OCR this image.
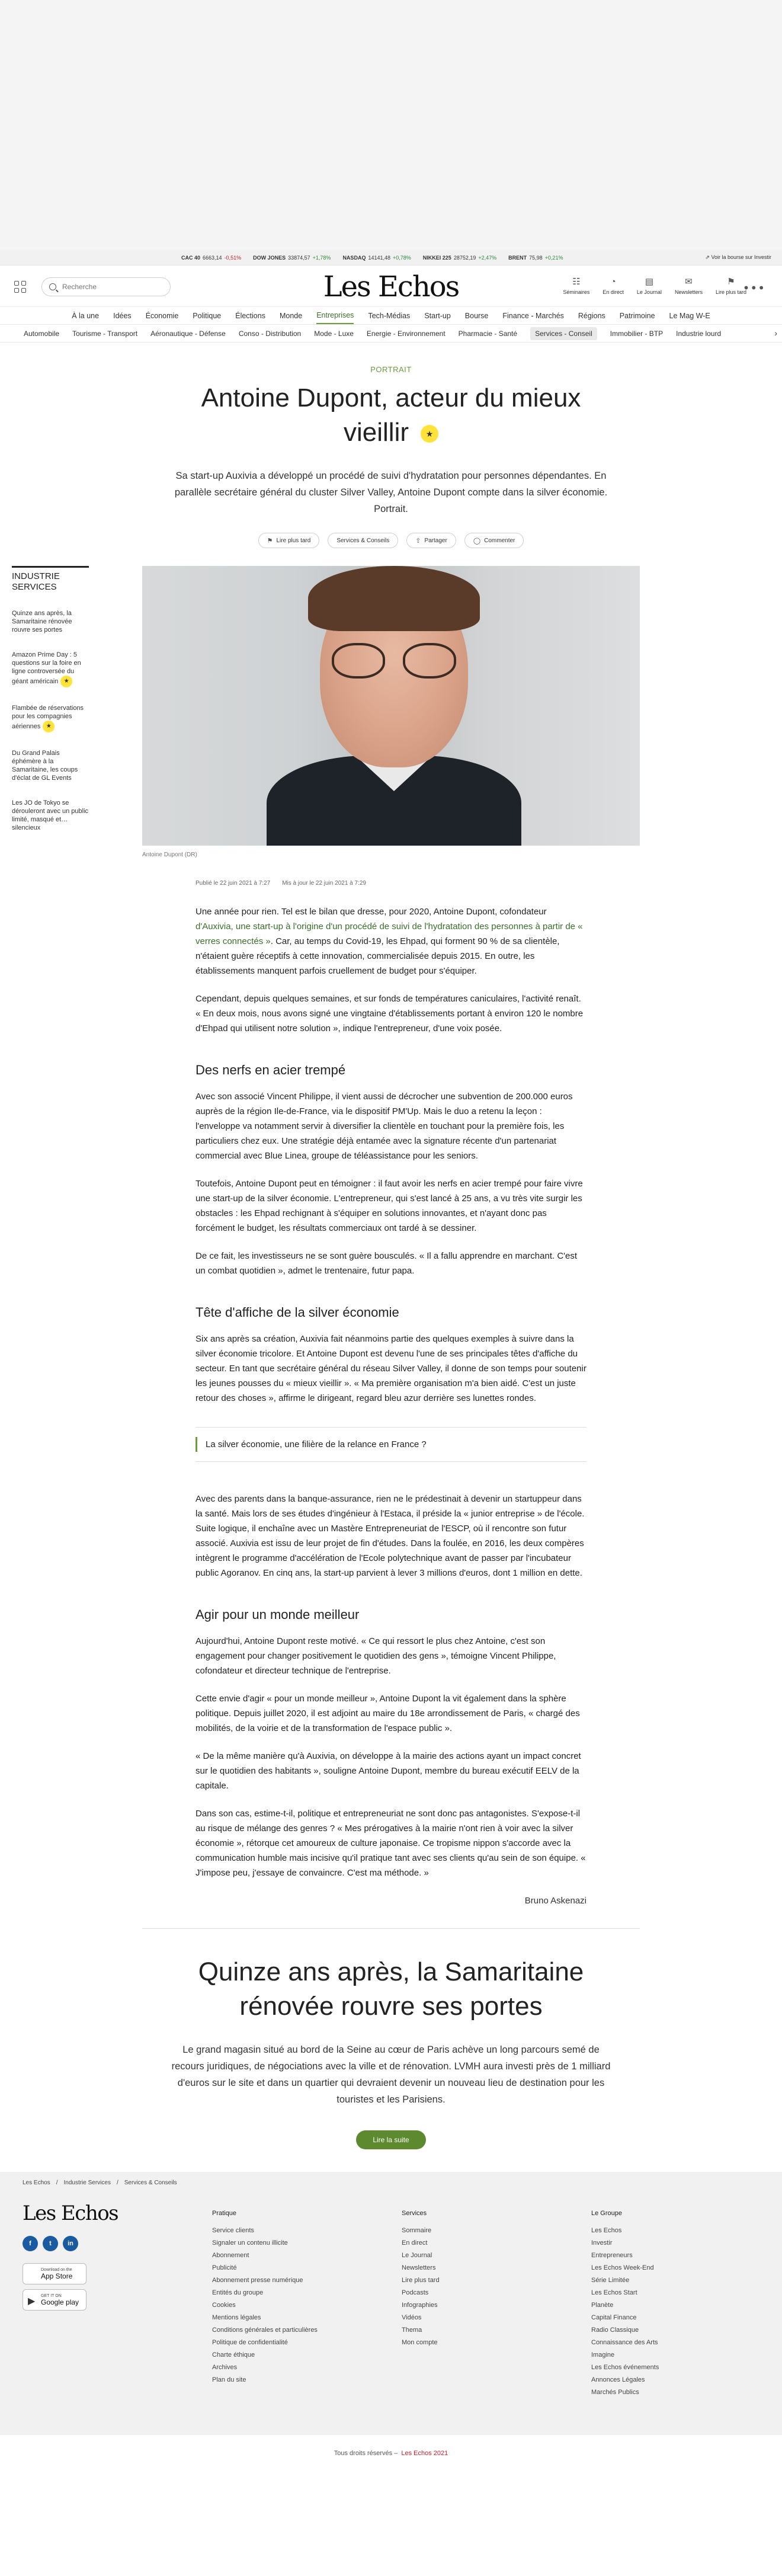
CAC 40 6663,14 -0,51% DOW JONES 33874,57 +1,78% NASDAQ 14141,48 +0,78% NIKKEI 225 28752,19 +2,47% BRENT 75,98 +0,21%	⇗ Voir la bourse sur Investir
Recherche
Les Echos	☷
Séminaires
◔
En direct
▤
Le Journal
✉
Newsletters
⚑
Lire plus tard
•••
À la une Idées Économie Politique Élections Monde Entreprises Tech-Médias Start-up Bourse Finance - Marchés Régions Patrimoine Le Mag W-E
Automobile Tourisme - Transport Aéronautique - Défense Conso - Distribution Mode - Luxe Energie - Environnement Pharmacie - Santé	Services - Conseil	Immobilier - BTP Industrie lourd	›
PORTRAIT
Antoine Dupont, acteur du mieux vieillir ★
Sa start-up Auxivia a développé un procédé de suivi d'hydratation pour personnes dépendantes. En parallèle secrétaire général du cluster Silver Valley, Antoine Dupont compte dans la silver économie. Portrait.
⚑ Lire plus tard	Services & Conseils	⇧ Partager	◯ Commenter
INDUSTRIE SERVICES
Quinze ans après, la Samaritaine rénovée rouvre ses portes
Amazon Prime Day : 5 questions sur la foire en ligne controversée du géant américain ★
Flambée de réservations pour les compagnies aériennes ★
Du Grand Palais éphémère à la Samaritaine, les coups d'éclat de GL Events
Les JO de Tokyo se dérouleront avec un public limité, masqué et… silencieux
Antoine Dupont (DR)
Publié le 22 juin 2021 à 7:27 Mis à jour le 22 juin 2021 à 7:29

Une année pour rien. Tel est le bilan que dresse, pour 2020, Antoine Dupont, cofondateur d'Auxivia, une start-up à l'origine d'un procédé de suivi de l'hydratation des personnes à partir de « verres connectés ». Car, au temps du Covid-19, les Ehpad, qui forment 90 % de sa clientèle, n'étaient guère réceptifs à cette innovation, commercialisée depuis 2015. En outre, les établissements manquent parfois cruellement de budget pour s'équiper.

Cependant, depuis quelques semaines, et sur fonds de températures caniculaires, l'activité renaît. « En deux mois, nous avons signé une vingtaine d'établissements portant à environ 120 le nombre d'Ehpad qui utilisent notre solution », indique l'entrepreneur, d'une voix posée.

Des nerfs en acier trempé

Avec son associé Vincent Philippe, il vient aussi de décrocher une subvention de 200.000 euros auprès de la région Ile-de-France, via le dispositif PM'Up. Mais le duo a retenu la leçon : l'enveloppe va notamment servir à diversifier la clientèle en touchant pour la première fois, les particuliers chez eux. Une stratégie déjà entamée avec la signature récente d'un partenariat commercial avec Blue Linea, groupe de téléassistance pour les seniors.

Toutefois, Antoine Dupont peut en témoigner : il faut avoir les nerfs en acier trempé pour faire vivre une start-up de la silver économie. L'entrepreneur, qui s'est lancé à 25 ans, a vu très vite surgir les obstacles : les Ehpad rechignant à s'équiper en solutions innovantes, et n'ayant donc pas forcément le budget, les résultats commerciaux ont tardé à se dessiner.

De ce fait, les investisseurs ne se sont guère bousculés. « Il a fallu apprendre en marchant. C'est un combat quotidien », admet le trentenaire, futur papa.

Tête d'affiche de la silver économie

Six ans après sa création, Auxivia fait néanmoins partie des quelques exemples à suivre dans la silver économie tricolore. Et Antoine Dupont est devenu l'une de ses principales têtes d'affiche du secteur. En tant que secrétaire général du réseau Silver Valley, il donne de son temps pour soutenir les jeunes pousses du « mieux vieillir ». « Ma première organisation m'a bien aidé. C'est un juste retour des choses », affirme le dirigeant, regard bleu azur derrière ses lunettes rondes.

La silver économie, une filière de la relance en France ?

Avec des parents dans la banque-assurance, rien ne le prédestinait à devenir un startuppeur dans la santé. Mais lors de ses études d'ingénieur à l'Estaca, il préside la « junior entreprise » de l'école. Suite logique, il enchaîne avec un Mastère Entrepreneuriat de l'ESCP, où il rencontre son futur associé. Auxivia est issu de leur projet de fin d'études. Dans la foulée, en 2016, les deux compères intègrent le programme d'accélération de l'Ecole polytechnique avant de passer par l'incubateur public Agoranov. En cinq ans, la start-up parvient à lever 3 millions d'euros, dont 1 million en dette.

Agir pour un monde meilleur

Aujourd'hui, Antoine Dupont reste motivé. « Ce qui ressort le plus chez Antoine, c'est son engagement pour changer positivement le quotidien des gens », témoigne Vincent Philippe, cofondateur et directeur technique de l'entreprise.

Cette envie d'agir « pour un monde meilleur », Antoine Dupont la vit également dans la sphère politique. Depuis juillet 2020, il est adjoint au maire du 18e arrondissement de Paris, « chargé des mobilités, de la voirie et de la transformation de l'espace public ».

« De la même manière qu'à Auxivia, on développe à la mairie des actions ayant un impact concret sur le quotidien des habitants », souligne Antoine Dupont, membre du bureau exécutif EELV de la capitale.

Dans son cas, estime-t-il, politique et entrepreneuriat ne sont donc pas antagonistes. S'expose-t-il au risque de mélange des genres ? « Mes prérogatives à la mairie n'ont rien à voir avec la silver économie », rétorque cet amoureux de culture japonaise. Ce tropisme nippon s'accorde avec la communication humble mais incisive qu'il pratique tant avec ses clients qu'au sein de son équipe. « J'impose peu, j'essaye de convaincre. C'est ma méthode. »

Bruno Askenazi
Quinze ans après, la Samaritaine rénovée rouvre ses portes
Le grand magasin situé au bord de la Seine au cœur de Paris achève un long parcours semé de recours juridiques, de négociations avec la ville et de rénovation. LVMH aura investi près de 1 milliard d'euros sur le site et dans un quartier qui devraient devenir un nouveau lieu de destination pour les touristes et les Parisiens.
Lire la suite
Les Echos / Industrie Services / Services & Conseils
Les Echos
f	t	in
Download on the
App Store
▶
GET IT ON
Google play
Pratique
Service clients
Signaler un contenu illicite
Abonnement
Publicité
Abonnement presse numérique
Entités du groupe
Cookies
Mentions légales
Conditions générales et particulières
Politique de confidentialité
Charte éthique
Archives
Plan du site
Services
Sommaire
En direct
Le Journal
Newsletters
Lire plus tard
Podcasts
Infographies
Vidéos
Thema
Mon compte
Le Groupe
Les Echos
Investir
Entrepreneurs
Les Echos Week-End
Série Limitée
Les Echos Start
Planète
Capital Finance
Radio Classique
Connaissance des Arts
Imagine
Les Echos événements
Annonces Légales
Marchés Publics
Tous droits réservés – Les Echos 2021
